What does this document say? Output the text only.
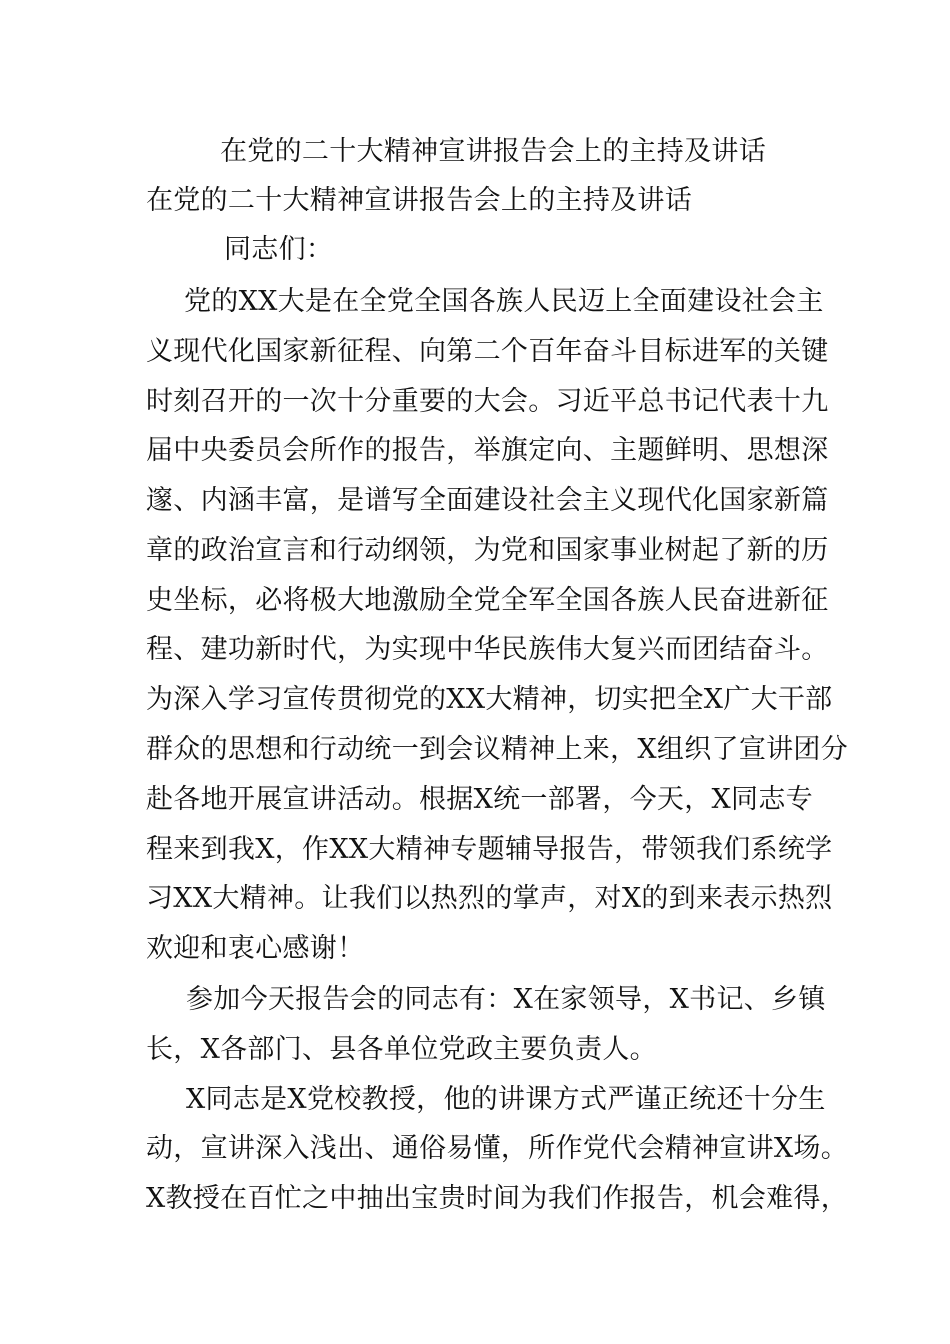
在党的二十大精神宣讲报告会上的主持及讲话
在党的二十大精神宣讲报告会上的主持及讲话
同志们：
党的XX大是在全党全国各族人民迈上全面建设社会主
义现代化国家新征程、向第二个百年奋斗目标进军的关键
时刻召开的一次十分重要的大会。习近平总书记代表十九
届中央委员会所作的报告，举旗定向、主题鲜明、思想深
邃、内涵丰富，是谱写全面建设社会主义现代化国家新篇
章的政治宣言和行动纲领，为党和国家事业树起了新的历
史坐标，必将极大地激励全党全军全国各族人民奋进新征
程、建功新时代，为实现中华民族伟大复兴而团结奋斗。
为深入学习宣传贯彻党的XX大精神，切实把全X广大干部
群众的思想和行动统一到会议精神上来，X组织了宣讲团分
赴各地开展宣讲活动。根据X统一部署，今天，X同志专
程来到我X，作XX大精神专题辅导报告，带领我们系统学
习XX大精神。让我们以热烈的掌声，对X的到来表示热烈
欢迎和衷心感谢！
参加今天报告会的同志有：X在家领导，X书记、乡镇
长，X各部门、县各单位党政主要负责人。
X同志是X党校教授，他的讲课方式严谨正统还十分生
动，宣讲深入浅出、通俗易懂，所作党代会精神宣讲X场。
X教授在百忙之中抽出宝贵时间为我们作报告，机会难得，
